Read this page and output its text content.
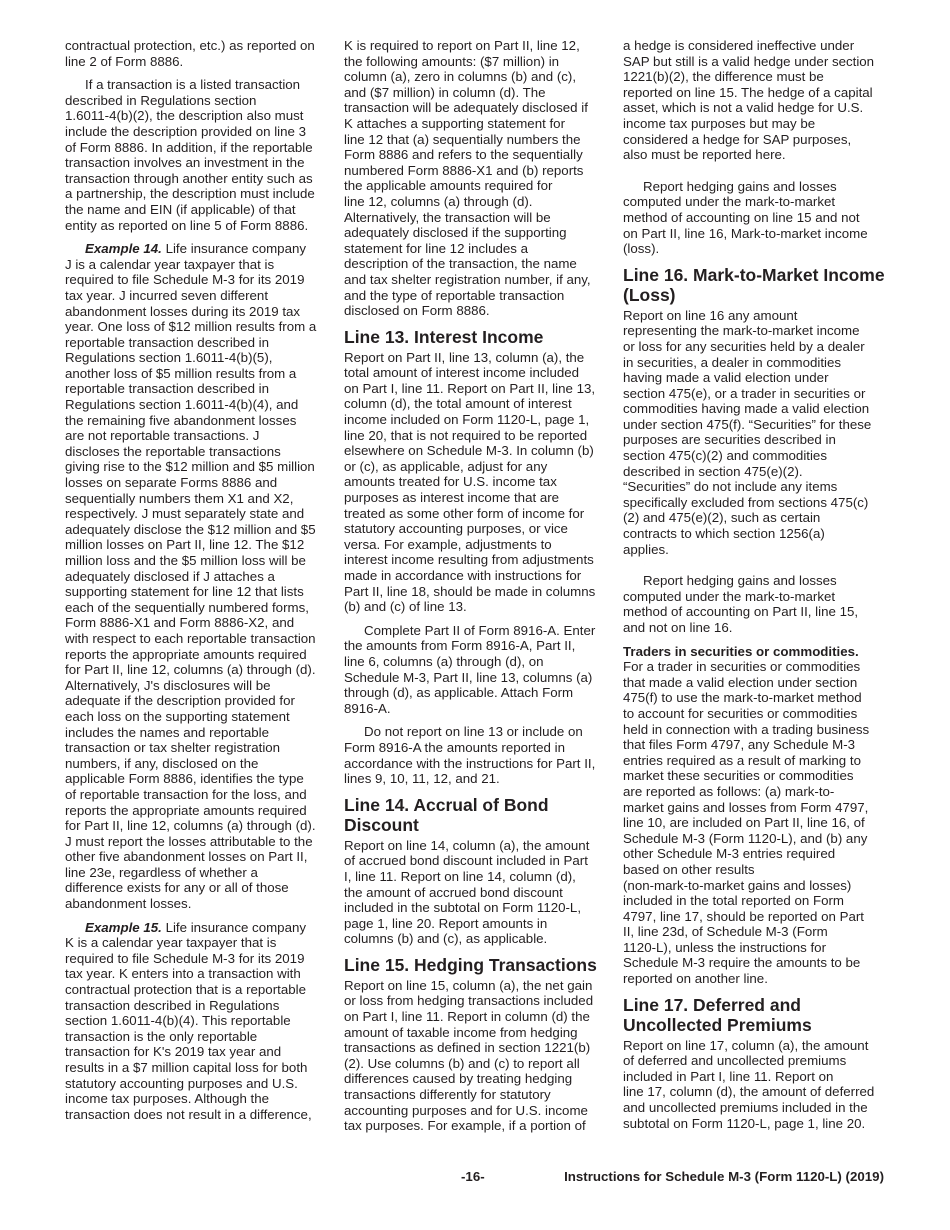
contractual protection, etc.) as reported on
line 2 of Form 8886.

If a transaction is a listed transaction
described in Regulations section
1.6011-4(b)(2), the description also must
include the description provided on line 3
of Form 8886. In addition, if the reportable
transaction involves an investment in the
transaction through another entity such as
a partnership, the description must include
the name and EIN (if applicable) of that
entity as reported on line 5 of Form 8886.

Example 14. Life insurance company
J is a calendar year taxpayer that is
required to file Schedule M-3 for its 2019
tax year. J incurred seven different
abandonment losses during its 2019 tax
year. One loss of $12 million results from a
reportable transaction described in
Regulations section 1.6011-4(b)(5),
another loss of $5 million results from a
reportable transaction described in
Regulations section 1.6011-4(b)(4), and
the remaining five abandonment losses
are not reportable transactions. J
discloses the reportable transactions
giving rise to the $12 million and $5 million
losses on separate Forms 8886 and
sequentially numbers them X1 and X2,
respectively. J must separately state and
adequately disclose the $12 million and $5
million losses on Part II, line 12. The $12
million loss and the $5 million loss will be
adequately disclosed if J attaches a
supporting statement for line 12 that lists
each of the sequentially numbered forms,
Form 8886-X1 and Form 8886-X2, and
with respect to each reportable transaction
reports the appropriate amounts required
for Part II, line 12, columns (a) through (d).
Alternatively, J's disclosures will be
adequate if the description provided for
each loss on the supporting statement
includes the names and reportable
transaction or tax shelter registration
numbers, if any, disclosed on the
applicable Form 8886, identifies the type
of reportable transaction for the loss, and
reports the appropriate amounts required
for Part II, line 12, columns (a) through (d).
J must report the losses attributable to the
other five abandonment losses on Part II,
line 23e, regardless of whether a
difference exists for any or all of those
abandonment losses.

Example 15. Life insurance company
K is a calendar year taxpayer that is
required to file Schedule M-3 for its 2019
tax year. K enters into a transaction with
contractual protection that is a reportable
transaction described in Regulations
section 1.6011-4(b)(4). This reportable
transaction is the only reportable
transaction for K's 2019 tax year and
results in a $7 million capital loss for both
statutory accounting purposes and U.S.
income tax purposes. Although the
transaction does not result in a difference,

K is required to report on Part II, line 12,
the following amounts: ($7 million) in
column (a), zero in columns (b) and (c),
and ($7 million) in column (d). The
transaction will be adequately disclosed if
K attaches a supporting statement for
line 12 that (a) sequentially numbers the
Form 8886 and refers to the sequentially
numbered Form 8886-X1 and (b) reports
the applicable amounts required for
line 12, columns (a) through (d).
Alternatively, the transaction will be
adequately disclosed if the supporting
statement for line 12 includes a
description of the transaction, the name
and tax shelter registration number, if any,
and the type of reportable transaction
disclosed on Form 8886.

Line 13. Interest Income

Report on Part II, line 13, column (a), the
total amount of interest income included
on Part I, line 11. Report on Part II, line 13,
column (d), the total amount of interest
income included on Form 1120-L, page 1,
line 20, that is not required to be reported
elsewhere on Schedule M-3. In column (b)
or (c), as applicable, adjust for any
amounts treated for U.S. income tax
purposes as interest income that are
treated as some other form of income for
statutory accounting purposes, or vice
versa. For example, adjustments to
interest income resulting from adjustments
made in accordance with instructions for
Part II, line 18, should be made in columns
(b) and (c) of line 13.

Complete Part II of Form 8916-A. Enter
the amounts from Form 8916-A, Part II,
line 6, columns (a) through (d), on
Schedule M-3, Part II, line 13, columns (a)
through (d), as applicable. Attach Form
8916-A.

Do not report on line 13 or include on
Form 8916-A the amounts reported in
accordance with the instructions for Part II,
lines 9, 10, 11, 12, and 21.

Line 14. Accrual of Bond
Discount

Report on line 14, column (a), the amount
of accrued bond discount included in Part
I, line 11. Report on line 14, column (d),
the amount of accrued bond discount
included in the subtotal on Form 1120-L,
page 1, line 20. Report amounts in
columns (b) and (c), as applicable.

Line 15. Hedging Transactions

Report on line 15, column (a), the net gain
or loss from hedging transactions included
on Part I, line 11. Report in column (d) the
amount of taxable income from hedging
transactions as defined in section 1221(b)
(2). Use columns (b) and (c) to report all
differences caused by treating hedging
transactions differently for statutory
accounting purposes and for U.S. income
tax purposes. For example, if a portion of

a hedge is considered ineffective under
SAP but still is a valid hedge under section
1221(b)(2), the difference must be
reported on line 15. The hedge of a capital
asset, which is not a valid hedge for U.S.
income tax purposes but may be
considered a hedge for SAP purposes,
also must be reported here.

Report hedging gains and losses
computed under the mark-to-market
method of accounting on line 15 and not
on Part II, line 16, Mark-to-market income
(loss).

Line 16. Mark-to-Market Income
(Loss)

Report on line 16 any amount
representing the mark-to-market income
or loss for any securities held by a dealer
in securities, a dealer in commodities
having made a valid election under
section 475(e), or a trader in securities or
commodities having made a valid election
under section 475(f). “Securities” for these
purposes are securities described in
section 475(c)(2) and commodities
described in section 475(e)(2).
“Securities” do not include any items
specifically excluded from sections 475(c)
(2) and 475(e)(2), such as certain
contracts to which section 1256(a)
applies.

Report hedging gains and losses
computed under the mark-to-market
method of accounting on Part II, line 15,
and not on line 16.

Traders in securities or commodities.
For a trader in securities or commodities
that made a valid election under section
475(f) to use the mark-to-market method
to account for securities or commodities
held in connection with a trading business
that files Form 4797, any Schedule M-3
entries required as a result of marking to
market these securities or commodities
are reported as follows: (a) mark-to-
market gains and losses from Form 4797,
line 10, are included on Part II, line 16, of
Schedule M-3 (Form 1120-L), and (b) any
other Schedule M-3 entries required
based on other results
(non-mark-to-market gains and losses)
included in the total reported on Form
4797, line 17, should be reported on Part
II, line 23d, of Schedule M-3 (Form
1120-L), unless the instructions for
Schedule M-3 require the amounts to be
reported on another line.

Line 17. Deferred and
Uncollected Premiums

Report on line 17, column (a), the amount
of deferred and uncollected premiums
included in Part I, line 11. Report on
line 17, column (d), the amount of deferred
and uncollected premiums included in the
subtotal on Form 1120-L, page 1, line 20.

-16-	Instructions for Schedule M-3 (Form 1120-L) (2019)
